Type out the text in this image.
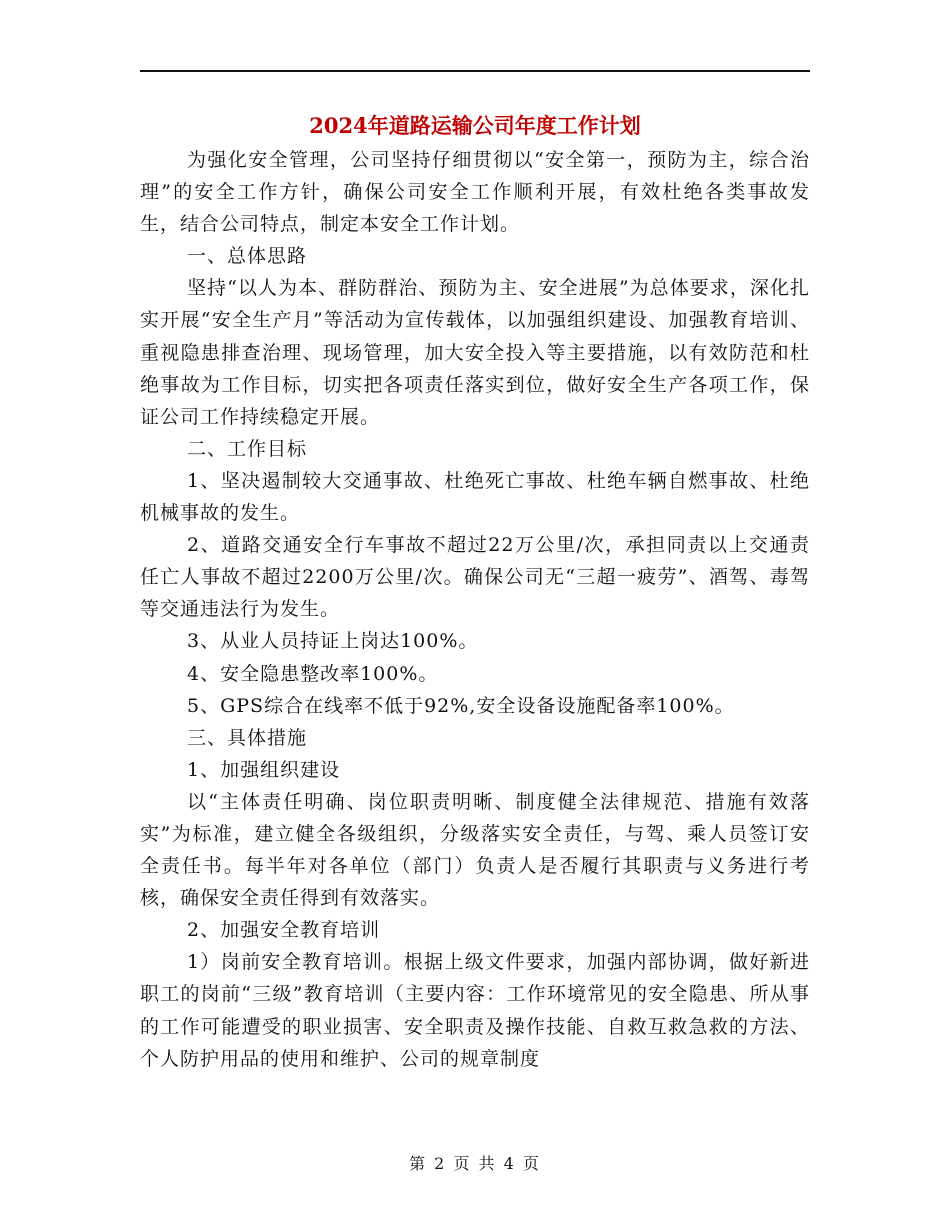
2024年道路运输公司年度工作计划

为强化安全管理，公司坚持仔细贯彻以“安全第一，预防为主，综合治理”的安全工作方针，确保公司安全工作顺利开展，有效杜绝各类事故发生，结合公司特点，制定本安全工作计划。

一、总体思路

坚持“以人为本、群防群治、预防为主、安全进展”为总体要求，深化扎实开展“安全生产月”等活动为宣传载体，以加强组织建设、加强教育培训、重视隐患排查治理、现场管理，加大安全投入等主要措施，以有效防范和杜绝事故为工作目标，切实把各项责任落实到位，做好安全生产各项工作，保证公司工作持续稳定开展。

二、工作目标

1、坚决遏制较大交通事故、杜绝死亡事故、杜绝车辆自燃事故、杜绝机械事故的发生。

2、道路交通安全行车事故不超过22万公里/次，承担同责以上交通责任亡人事故不超过2200万公里/次。确保公司无“三超一疲劳”、酒驾、毒驾等交通违法行为发生。

3、从业人员持证上岗达100%。

4、安全隐患整改率100%。

5、GPS综合在线率不低于92%,安全设备设施配备率100%。

三、具体措施

1、加强组织建设

以“主体责任明确、岗位职责明晰、制度健全法律规范、措施有效落实”为标准，建立健全各级组织，分级落实安全责任，与驾、乘人员签订安全责任书。每半年对各单位（部门）负责人是否履行其职责与义务进行考核，确保安全责任得到有效落实。

2、加强安全教育培训

1）岗前安全教育培训。根据上级文件要求，加强内部协调，做好新进职工的岗前“三级”教育培训（主要内容：工作环境常见的安全隐患、所从事的工作可能遭受的职业损害、安全职责及操作技能、自救互救急救的方法、个人防护用品的使用和维护、公司的规章制度

第 2 页 共 4 页
